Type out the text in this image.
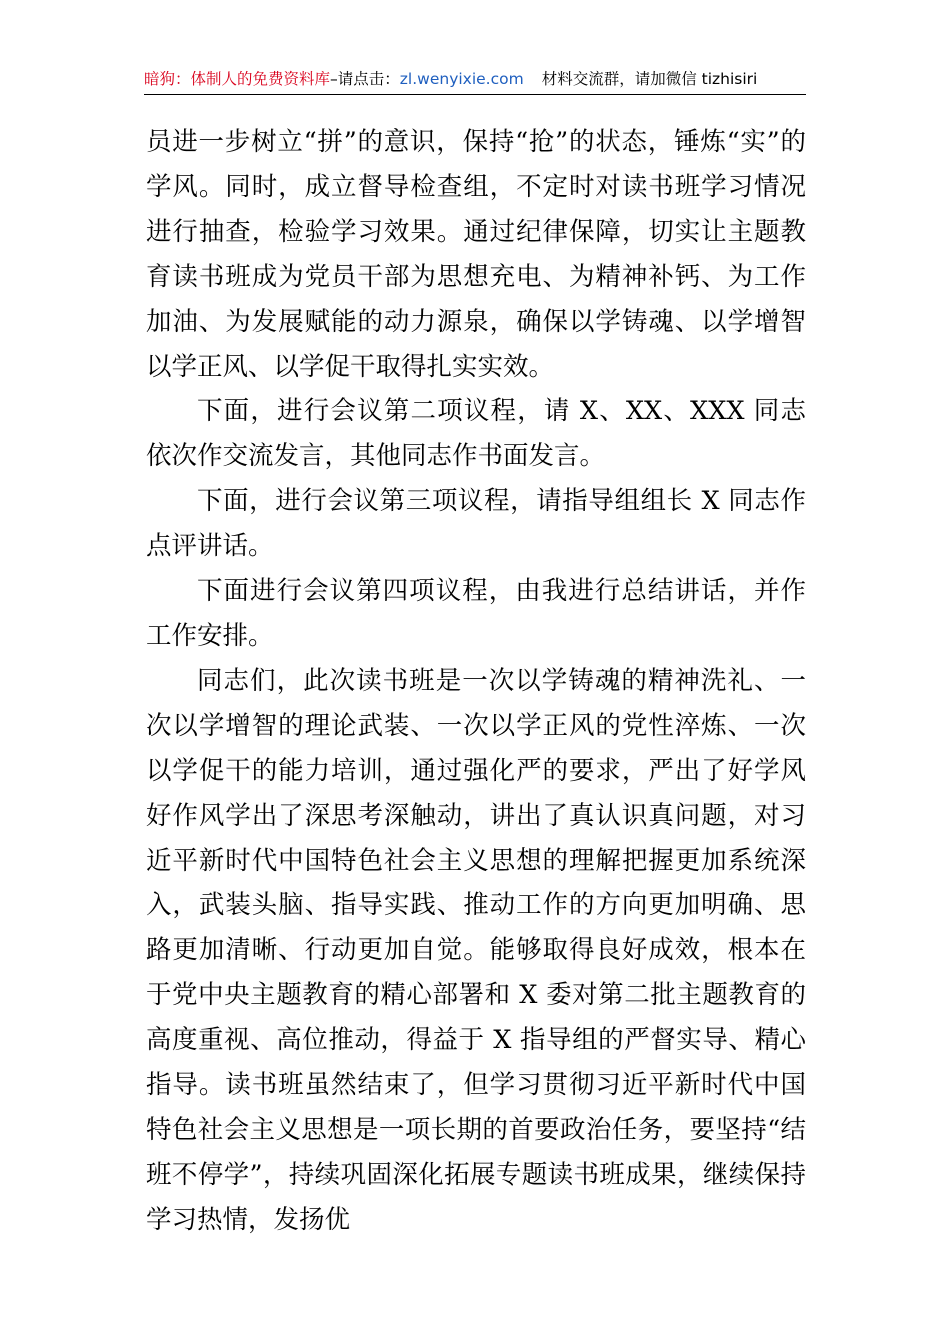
暗狗：体制人的免费资料库–请点击：zl.wenyixie.com 材料交流群，请加微信 tizhisiri

员进一步树立“拼”的意识，保持“抢”的状态，锤炼“实”的学风。同时，成立督导检查组，不定时对读书班学习情况进行抽查，检验学习效果。通过纪律保障，切实让主题教育读书班成为党员干部为思想充电、为精神补钙、为工作加油、为发展赋能的动力源泉，确保以学铸魂、以学增智以学正风、以学促干取得扎实实效。

下面，进行会议第二项议程，请 X、XX、XXX 同志依次作交流发言，其他同志作书面发言。

下面，进行会议第三项议程，请指导组组长 X 同志作点评讲话。

下面进行会议第四项议程，由我进行总结讲话，并作工作安排。

同志们，此次读书班是一次以学铸魂的精神洗礼、一次以学增智的理论武装、一次以学正风的党性淬炼、一次以学促干的能力培训，通过强化严的要求，严出了好学风好作风学出了深思考深触动，讲出了真认识真问题，对习近平新时代中国特色社会主义思想的理解把握更加系统深入，武装头脑、指导实践、推动工作的方向更加明确、思路更加清晰、行动更加自觉。能够取得良好成效，根本在于党中央主题教育的精心部署和 X 委对第二批主题教育的高度重视、高位推动，得益于 X 指导组的严督实导、精心指导。读书班虽然结束了，但学习贯彻习近平新时代中国特色社会主义思想是一项长期的首要政治任务，要坚持“结班不停学”，持续巩固深化拓展专题读书班成果，继续保持学习热情，发扬优
